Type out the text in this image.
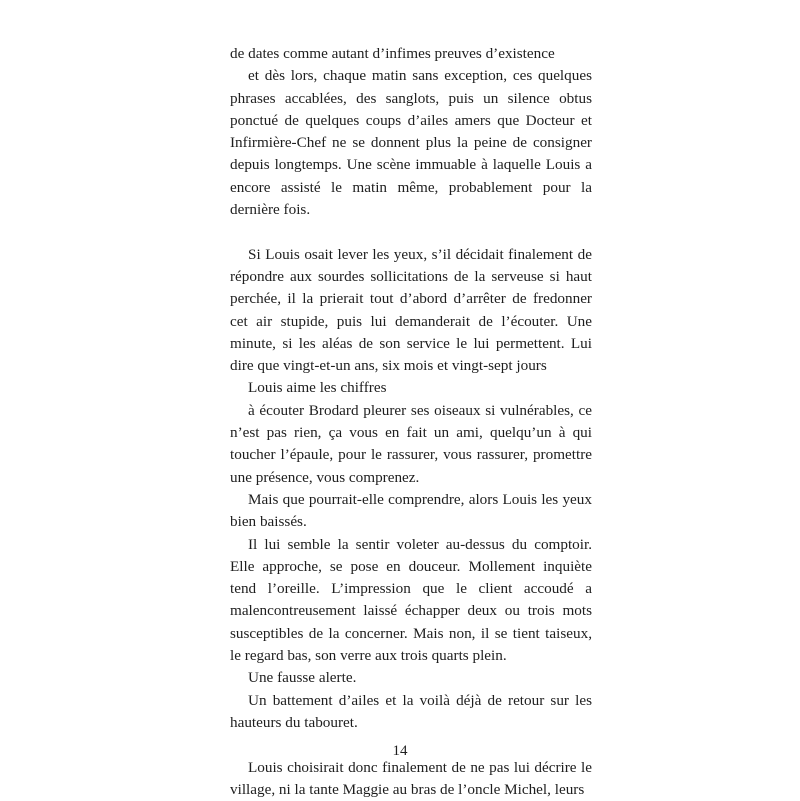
de dates comme autant d’infimes preuves d’existence

et dès lors, chaque matin sans exception, ces quelques phrases accablées, des sanglots, puis un silence obtus ponctué de quelques coups d’ailes amers que Docteur et Infirmière-Chef ne se donnent plus la peine de consigner depuis longtemps. Une scène immuable à laquelle Louis a encore assisté le matin même, probablement pour la dernière fois.

Si Louis osait lever les yeux, s’il décidait finalement de répondre aux sourdes sollicitations de la serveuse si haut perchée, il la prierait tout d’abord d’arrêter de fredonner cet air stupide, puis lui demanderait de l’écouter. Une minute, si les aléas de son service le lui permettent. Lui dire que vingt-et-un ans, six mois et vingt-sept jours

Louis aime les chiffres

à écouter Brodard pleurer ses oiseaux si vulnérables, ce n’est pas rien, ça vous en fait un ami, quelqu’un à qui toucher l’épaule, pour le rassurer, vous rassurer, promettre une présence, vous comprenez.

Mais que pourrait-elle comprendre, alors Louis les yeux bien baissés.

Il lui semble la sentir voleter au-dessus du comptoir. Elle approche, se pose en douceur. Mollement inquiète tend l’oreille. L’impression que le client accoudé a malencontreusement laissé échapper deux ou trois mots susceptibles de la concerner. Mais non, il se tient taiseux, le regard bas, son verre aux trois quarts plein.

Une fausse alerte.

Un battement d’ailes et la voilà déjà de retour sur les hauteurs du tabouret.

Louis choisirait donc finalement de ne pas lui décrire le village, ni la tante Maggie au bras de l’oncle Michel, leurs

14
